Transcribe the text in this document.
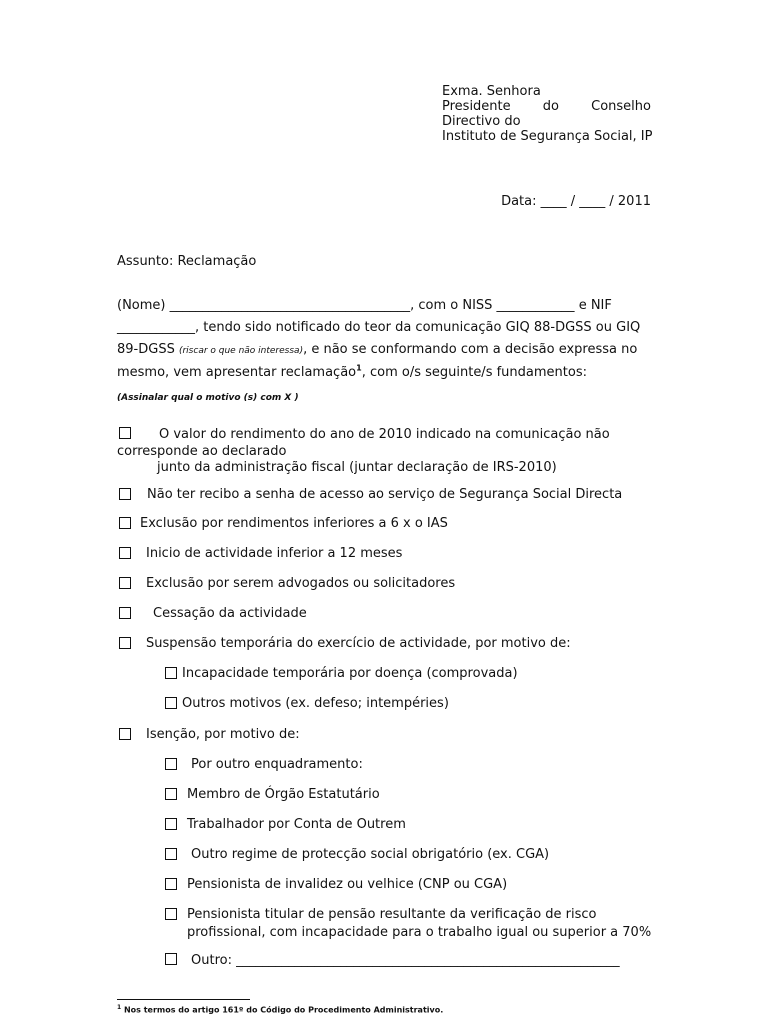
Exma. Senhora
Presidente do Conselho
Directivo do
Instituto de Segurança Social, IP
Data: ____ / ____ / 2011
Assunto: Reclamação
(Nome) _____________________________________, com o NISS ____________ e NIF
____________, tendo sido notificado do teor da comunicação GIQ 88-DGSS ou GIQ
89-DGSS (riscar o que não interessa), e não se conformando com a decisão expressa no
mesmo, vem apresentar reclamação$^1$, com o/s seguinte/s fundamentos:
(Assinalar qual o motivo (s) com X )
O valor do rendimento do ano de 2010 indicado na comunicação não
corresponde ao declarado
junto da administração fiscal (juntar declaração de IRS-2010)
Não ter recibo a senha de acesso ao serviço de Segurança Social Directa
Exclusão por rendimentos inferiores a 6 x o IAS
Inicio de actividade inferior a 12 meses
Exclusão por serem advogados ou solicitadores
Cessação da actividade
Suspensão temporária do exercício de actividade, por motivo de:
Incapacidade temporária por doença (comprovada)
Outros motivos (ex. defeso; intempéries)
Isenção, por motivo de:
Por outro enquadramento:
Membro de Órgão Estatutário
Trabalhador por Conta de Outrem
Outro regime de protecção social obrigatório (ex. CGA)
Pensionista de invalidez ou velhice (CNP ou CGA)
Pensionista titular de pensão resultante da verificação de risco
profissional, com incapacidade para o trabalho igual ou superior a 70%
Outro: ___________________________________________________________
$^1$ Nos termos do artigo 161º do Código do Procedimento Administrativo.
